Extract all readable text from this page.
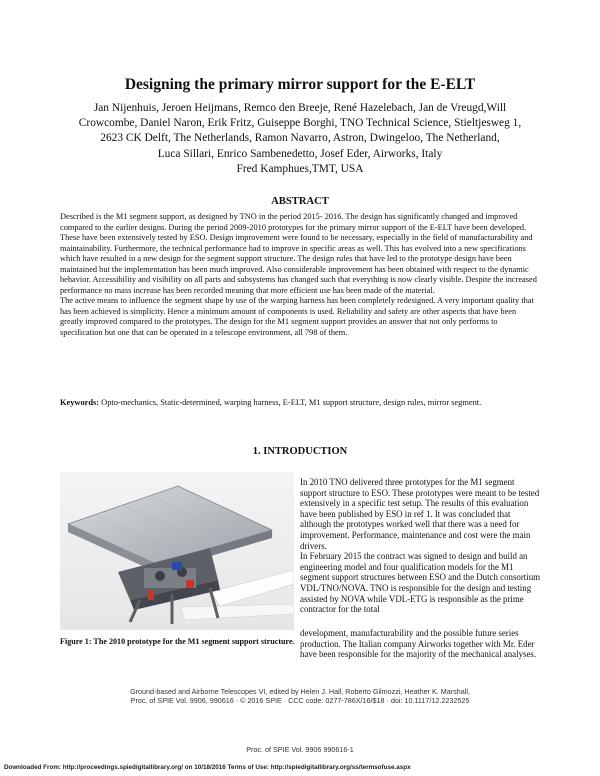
Designing the primary mirror support for the E-ELT
Jan Nijenhuis, Jeroen Heijmans, Remco den Breeje, René Hazelebach, Jan de Vreugd,Will
Crowcombe, Daniel Naron, Erik Fritz, Guiseppe Borghi, TNO Technical Science, Stieltjesweg 1,
2623 CK Delft, The Netherlands, Ramon Navarro, Astron, Dwingeloo, The Netherland,
Luca Sillari, Enrico Sambenedetto, Josef Eder, Airworks, Italy
Fred Kamphues,TMT, USA
ABSTRACT

Described is the M1 segment support, as designed by TNO in the period 2015- 2016. The design has significantly changed and improved compared to the earlier designs. During the period 2009-2010 prototypes for the primary mirror support of the E-ELT have been developed. These have been extensively tested by ESO. Design improvement were found to be necessary, especially in the field of manufacturability and maintainability. Furthermore, the technical performance had to improve in specific areas as well. This has evolved into a new specifications which have resulted in a new design for the segment support structure. The design rules that have led to the prototype design have been maintained but the implementation has been much improved. Also considerable improvement has been obtained with respect to the dynamic behavior. Accessibility and visibility on all parts and subsystems has changed such that everything is now clearly visible. Despite the increased performance no mass increase has been recorded meaning that more efficient use has been made of the material.

The active means to influence the segment shape by use of the warping harness has been completely redesigned. A very important quality that has been achieved is simplicity. Hence a minimum amount of components is used. Reliability and safety are other aspects that have been greatly improved compared to the prototypes. The design for the M1 segment support provides an answer that not only performs to specification but one that can be operated in a telescope environment, all 798 of them.

Keywords: Opto-mechanics, Static-determined, warping harness, E-ELT, M1 support structure, design rules, mirror segment.
1. INTRODUCTION
Figure 1: The 2010 prototype for the M1 segment support structure.
In 2010 TNO delivered three prototypes for the M1 segment support structure to ESO. These prototypes were meant to be tested extensively in a specific test setup. The results of this evaluation have been published by ESO in ref 1. It was concluded that although the prototypes worked well that there was a need for improvement. Performance, maintenance and cost were the main drivers.
In February 2015 the contract was signed to design and build an engineering model and four qualification models for the M1 segment support structures between ESO and the Dutch consortium VDL/TNO/NOVA. TNO is responsible for the design and testing assisted by NOVA while VDL-ETG is responsible as the prime contractor for the total
development, manufacturability and the possible future series production. The Italian company Airworks together with Mr. Eder have been responsible for the majority of the mechanical analyses.
Ground-based and Airborne Telescopes VI, edited by Helen J. Hall, Roberto Gilmozzi, Heather K. Marshall,
Proc. of SPIE Vol. 9906, 990616 · © 2016 SPIE · CCC code: 0277-786X/16/$18 · doi: 10.1117/12.2232525
Proc. of SPIE Vol. 9906 990616-1
Downloaded From: http://proceedings.spiedigitallibrary.org/ on 10/18/2016 Terms of Use: http://spiedigitallibrary.org/ss/termsofuse.aspx
